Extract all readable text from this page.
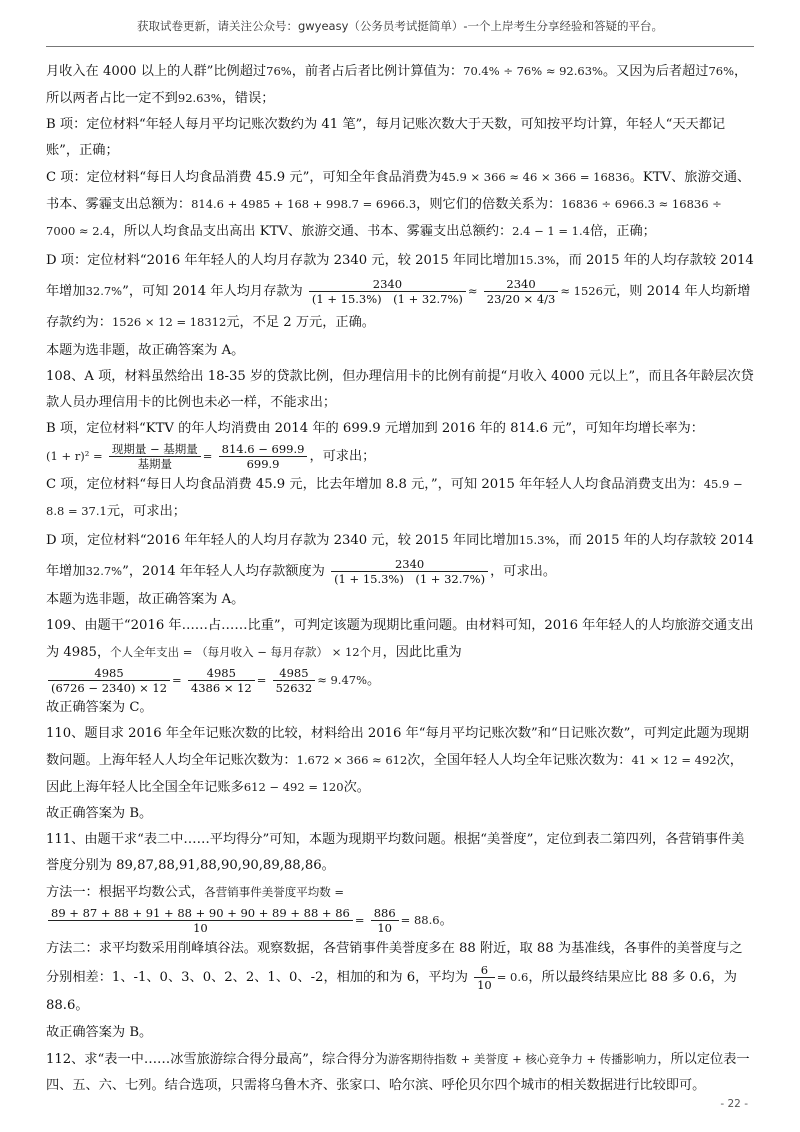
获取试卷更新，请关注公众号：gwyeasy（公务员考试挺简单）-一个上岸考生分享经验和答疑的平台。

月收入在 4000 以上的人群”比例超过76%，前者占后者比例计算值为：70.4% ÷ 76% ≈ 92.63%。又因为后者超过76%，
所以两者占比一定不到92.63%，错误；

B 项：定位材料“年轻人每月平均记账次数约为 41 笔”，每月记账次数大于天数，可知按平均计算，年轻人“天天都记账”，正确；

C 项：定位材料“每日人均食品消费 45.9 元”，可知全年食品消费为45.9 × 366 ≈ 46 × 366 = 16836。KTV、旅游交通、书本、雾霾支出总额为：814.6 + 4985 + 168 + 998.7 = 6966.3，则它们的倍数关系为：16836 ÷ 6966.3 ≈ 16836 ÷ 7000 ≈ 2.4，所以人均食品支出高出 KTV、旅游交通、书本、雾霾支出总额约：2.4 − 1 = 1.4倍，正确；

D 项：定位材料“2016 年年轻人的人均月存款为 2340 元，较 2015 年同比增加15.3%，而 2015 年的人均存款较 2014 年增加32.7%”，可知 2014 年人均月存款为 $\frac{2340}{(1 + 15.3\%) (1 + 32.7\%)} \approx \frac{2340}{23/20 \times 4/3} \approx 1526$元，则 2014 年人均新增存款约为：1526 × 12 = 18312元，不足 2 万元，正确。

本题为选非题，故正确答案为 A。

108、A 项，材料虽然给出 18-35 岁的贷款比例，但办理信用卡的比例有前提“月收入 4000 元以上”，而且各年龄层次贷款人员办理信用卡的比例也未必一样，不能求出；

B 项，定位材料“KTV 的年人均消费由 2014 年的 699.9 元增加到 2016 年的 814.6 元”，可知年均增长率为：
$(1 + r)^2 = \frac{\text{现期量 − 基期量}}{\text{基期量}} = \frac{814.6 - 699.9}{699.9}$ ，可求出；

C 项，定位材料“每日人均食品消费 45.9 元，比去年增加 8.8 元，”，可知 2015 年年轻人人均食品消费支出为：45.9 − 8.8 = 37.1元，可求出；

D 项，定位材料“2016 年年轻人的人均月存款为 2340 元，较 2015 年同比增加15.3%，而 2015 年的人均存款较 2014 年增加32.7%”，2014 年年轻人人均存款额度为 $\frac{2340}{(1 + 15.3\%) (1 + 32.7\%)}$ ，可求出。

本题为选非题，故正确答案为 A。

109、由题干“2016 年……占……比重”，可判定该题为现期比重问题。由材料可知，2016 年年轻人的人均旅游交通支出为 4985，个人全年支出 = （每月收入 − 每月存款） × 12个月，因此比重为

$\frac{4985}{(6726 - 2340) \times 12} = \frac{4985}{4386 \times 12} = \frac{4985}{52632} \approx 9.47\%$。

故正确答案为 C。

110、题目求 2016 年全年记账次数的比较，材料给出 2016 年“每月平均记账次数”和“日记账次数”，可判定此题为现期数问题。上海年轻人人均全年记账次数为：1.672 × 366 ≈ 612次，全国年轻人人均全年记账次数为：41 × 12 = 492次，因此上海年轻人比全国全年记账多612 − 492 = 120次。

故正确答案为 B。

111、由题干求“表二中……平均得分”可知，本题为现期平均数问题。根据“美誉度”，定位到表二第四列，各营销事件美誉度分别为 89,87,88,91,88,90,90,89,88,86。

方法一：根据平均数公式，各营销事件美誉度平均数 =

$\frac{89 + 87 + 88 + 91 + 88 + 90 + 90 + 89 + 88 + 86}{10} = \frac{886}{10} = 88.6$。

方法二：求平均数采用削峰填谷法。观察数据，各营销事件美誉度多在 88 附近，取 88 为基准线，各事件的美誉度与之分别相差：1、-1、0、3、0、2、2、1、0、-2，相加的和为 6，平均为 $\frac{6}{10} = 0.6$，所以最终结果应比 88 多 0.6，为 88.6。

故正确答案为 B。

112、求“表一中……冰雪旅游综合得分最高”，综合得分为游客期待指数 + 美誉度 + 核心竞争力 + 传播影响力，所以定位表一四、五、六、七列。结合选项，只需将乌鲁木齐、张家口、哈尔滨、呼伦贝尔四个城市的相关数据进行比较即可。

- 22 -
